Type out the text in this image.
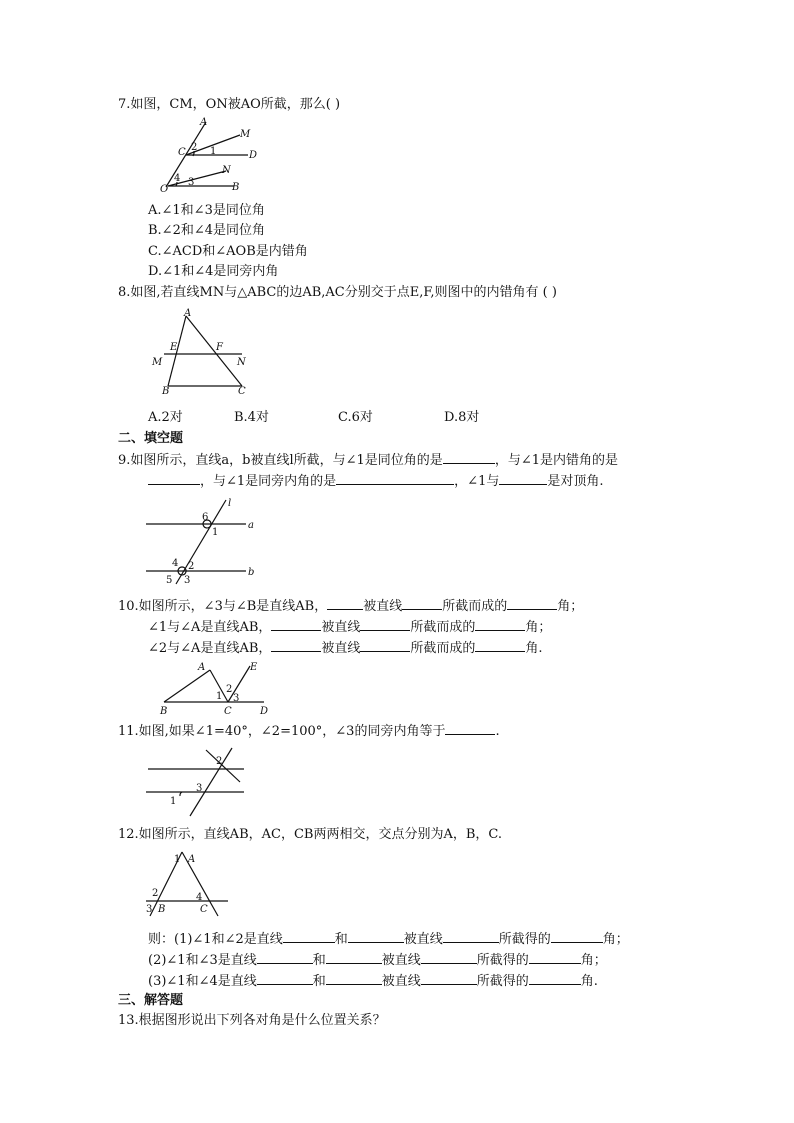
7.如图，CM，ON被AO所截，那么( )
A
M
C 2 1	D
N
4 3
O	B
A.∠1和∠3是同位角
B.∠2和∠4是同位角
C.∠ACD和∠AOB是内错角
D.∠1和∠4是同旁内角
8.如图,若直线MN与△ABC的边AB,AC分别交于点E,F,则图中的内错角有 ( )
A
E	F
M	N
B	C
A.2对	B.4对	C.6对	D.8对
二、填空题
9.如图所示，直线a，b被直线l所截，与∠1是同位角的是	，与∠1是内错角的是
，与∠1是同旁内角的是	，∠1与	是对顶角.
l
a
b
6
1
4 2
5 3
10.如图所示，∠3与∠B是直线AB，	被直线	所截而成的	角；
∠1与∠A是直线AB，	被直线	所截而成的	角；
∠2与∠A是直线AB，	被直线	所截而成的	角.
A	E
1
2
3
B	C	D
11.如图,如果∠1=40°，∠2=100°，∠3的同旁内角等于	.
2
1
3
12.如图所示，直线AB，AC，CB两两相交，交点分别为A，B，C.
1 A
2	4
3 B	C
则：(1)∠1和∠2是直线	和	被直线	所截得的	角；
(2)∠1和∠3是直线	和	被直线	所截得的	角；
(3)∠1和∠4是直线	和	被直线	所截得的	角.
三、解答题
13.根据图形说出下列各对角是什么位置关系？
